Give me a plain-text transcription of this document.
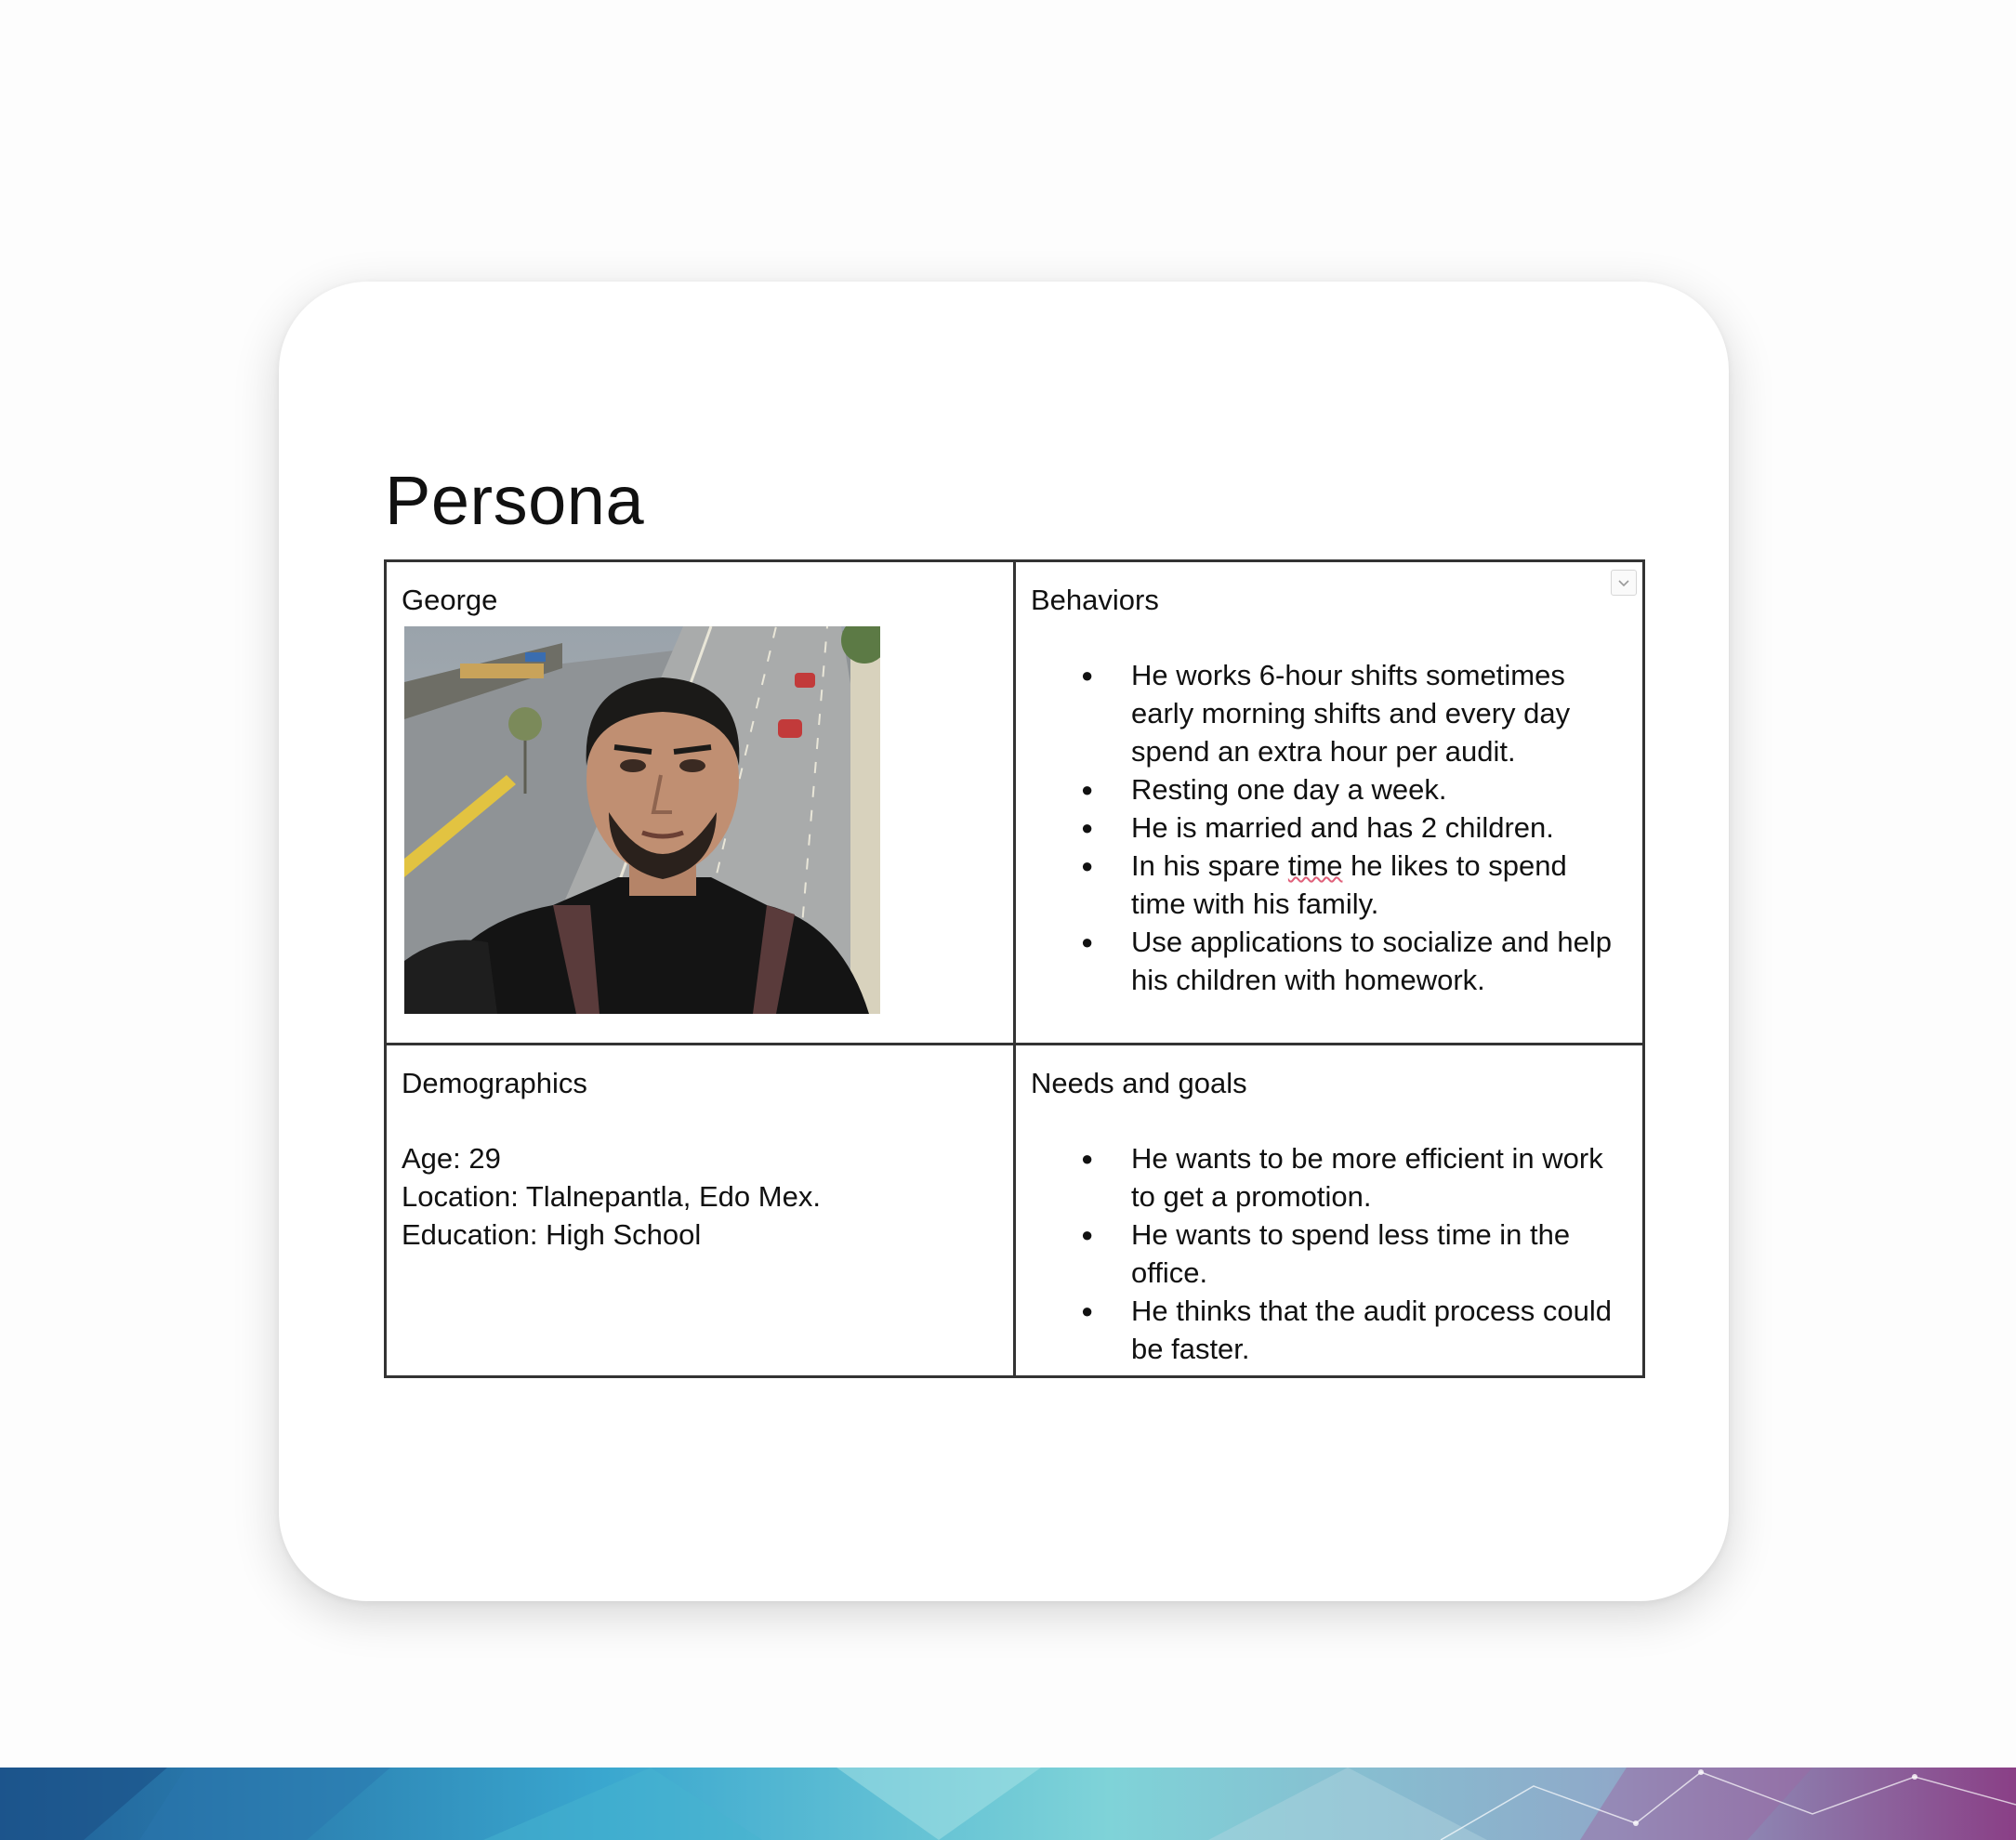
Persona
George	Behaviors
● He works 6-hour shifts sometimes early morning shifts and every day spend an extra hour per audit.
● Resting one day a week.
● He is married and has 2 children.
● In his spare time he likes to spend time with his family.
● Use applications to socialize and help his children with homework.
Demographics
Age: 29
Location: Tlalnepantla, Edo Mex.
Education: High School
Needs and goals
● He wants to be more efficient in work to get a promotion.
● He wants to spend less time in the office.
● He thinks that the audit process could be faster.
